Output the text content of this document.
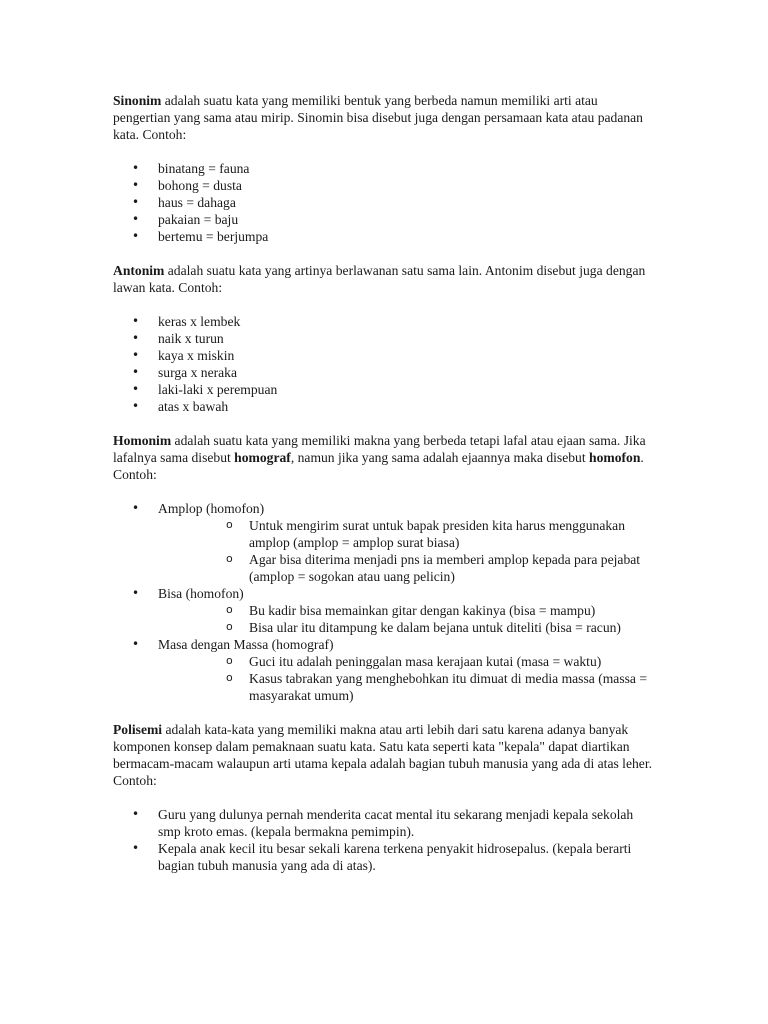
Sinonim adalah suatu kata yang memiliki bentuk yang berbeda namun memiliki arti atau pengertian yang sama atau mirip. Sinomin bisa disebut juga dengan persamaan kata atau padanan kata. Contoh:

• binatang = fauna
• bohong = dusta
• haus = dahaga
• pakaian = baju
• bertemu = berjumpa

Antonim adalah suatu kata yang artinya berlawanan satu sama lain. Antonim disebut juga dengan lawan kata. Contoh:

• keras x lembek
• naik x turun
• kaya x miskin
• surga x neraka
• laki-laki x perempuan
• atas x bawah

Homonim adalah suatu kata yang memiliki makna yang berbeda tetapi lafal atau ejaan sama. Jika lafalnya sama disebut homograf, namun jika yang sama adalah ejaannya maka disebut homofon. Contoh:

• Amplop (homofon)
o Untuk mengirim surat untuk bapak presiden kita harus menggunakan amplop (amplop = amplop surat biasa)
o Agar bisa diterima menjadi pns ia memberi amplop kepada para pejabat (amplop = sogokan atau uang pelicin)
• Bisa (homofon)
o Bu kadir bisa memainkan gitar dengan kakinya (bisa = mampu)
o Bisa ular itu ditampung ke dalam bejana untuk diteliti (bisa = racun)
• Masa dengan Massa (homograf)
o Guci itu adalah peninggalan masa kerajaan kutai (masa = waktu)
o Kasus tabrakan yang menghebohkan itu dimuat di media massa (massa = masyarakat umum)

Polisemi adalah kata-kata yang memiliki makna atau arti lebih dari satu karena adanya banyak komponen konsep dalam pemaknaan suatu kata. Satu kata seperti kata "kepala" dapat diartikan bermacam-macam walaupun arti utama kepala adalah bagian tubuh manusia yang ada di atas leher. Contoh:

• Guru yang dulunya pernah menderita cacat mental itu sekarang menjadi kepala sekolah smp kroto emas. (kepala bermakna pemimpin).
• Kepala anak kecil itu besar sekali karena terkena penyakit hidrosepalus. (kepala berarti bagian tubuh manusia yang ada di atas).
